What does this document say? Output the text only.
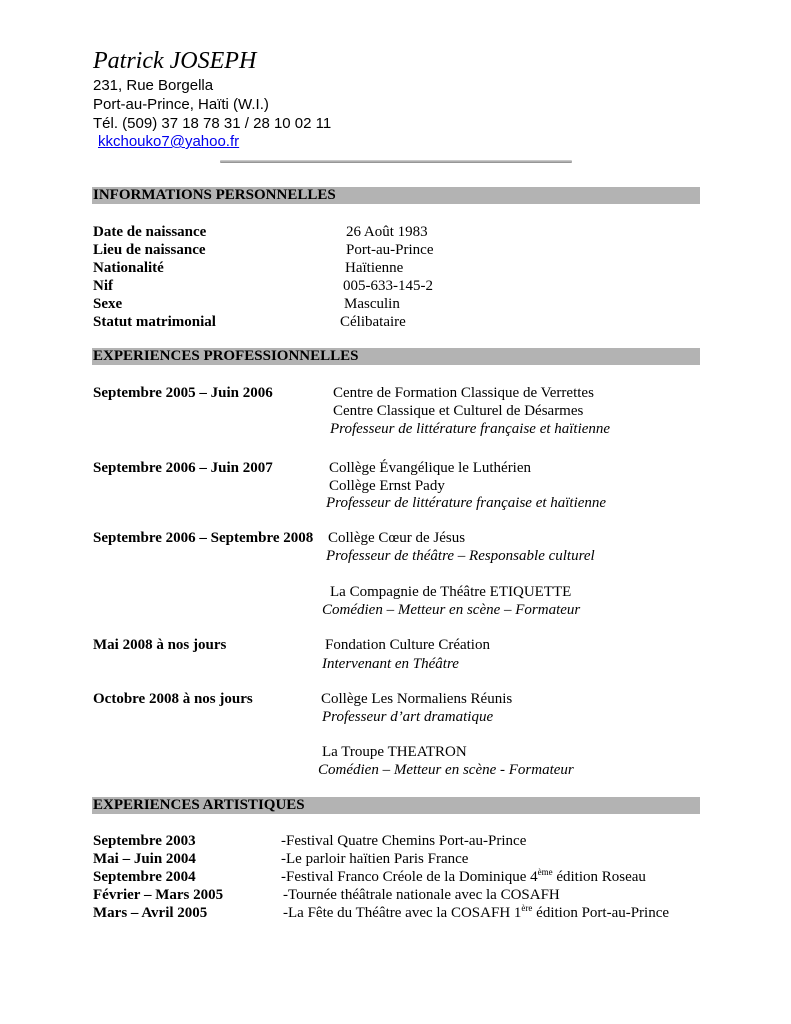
Patrick JOSEPH
231, Rue Borgella
Port-au-Prince, Haïti (W.I.)
Tél. (509) 37 18 78 31 / 28 10 02 11
kkchouko7@yahoo.fr
INFORMATIONS PERSONNELLES
Date de naissance	26 Août 1983
Lieu de naissance	Port-au-Prince
Nationalité	Haïtienne
Nif	005-633-145-2
Sexe	Masculin
Statut matrimonial	Célibataire
EXPERIENCES PROFESSIONNELLES
Septembre 2005 – Juin 2006	Centre de Formation Classique de Verrettes
Centre Classique et Culturel de Désarmes
Professeur de littérature française et haïtienne
Septembre 2006 – Juin 2007	Collège Évangélique le Luthérien
Collège Ernst Pady
Professeur de littérature française et haïtienne
Septembre 2006 – Septembre 2008 Collège Cœur de Jésus
Professeur de théâtre – Responsable culturel
La Compagnie de Théâtre ETIQUETTE
Comédien – Metteur en scène – Formateur
Mai 2008 à nos jours	Fondation Culture Création
Intervenant en Théâtre
Octobre 2008 à nos jours	Collège Les Normaliens Réunis
Professeur d’art dramatique
La Troupe THEATRON
Comédien – Metteur en scène - Formateur
EXPERIENCES ARTISTIQUES
Septembre 2003	-Festival Quatre Chemins Port-au-Prince
Mai – Juin 2004	-Le parloir haïtien Paris France
Septembre 2004	-Festival Franco Créole de la Dominique 4ème édition Roseau
Février – Mars 2005	-Tournée théâtrale nationale avec la COSAFH
Mars – Avril 2005	-La Fête du Théâtre avec la COSAFH 1ère édition Port-au-Prince
